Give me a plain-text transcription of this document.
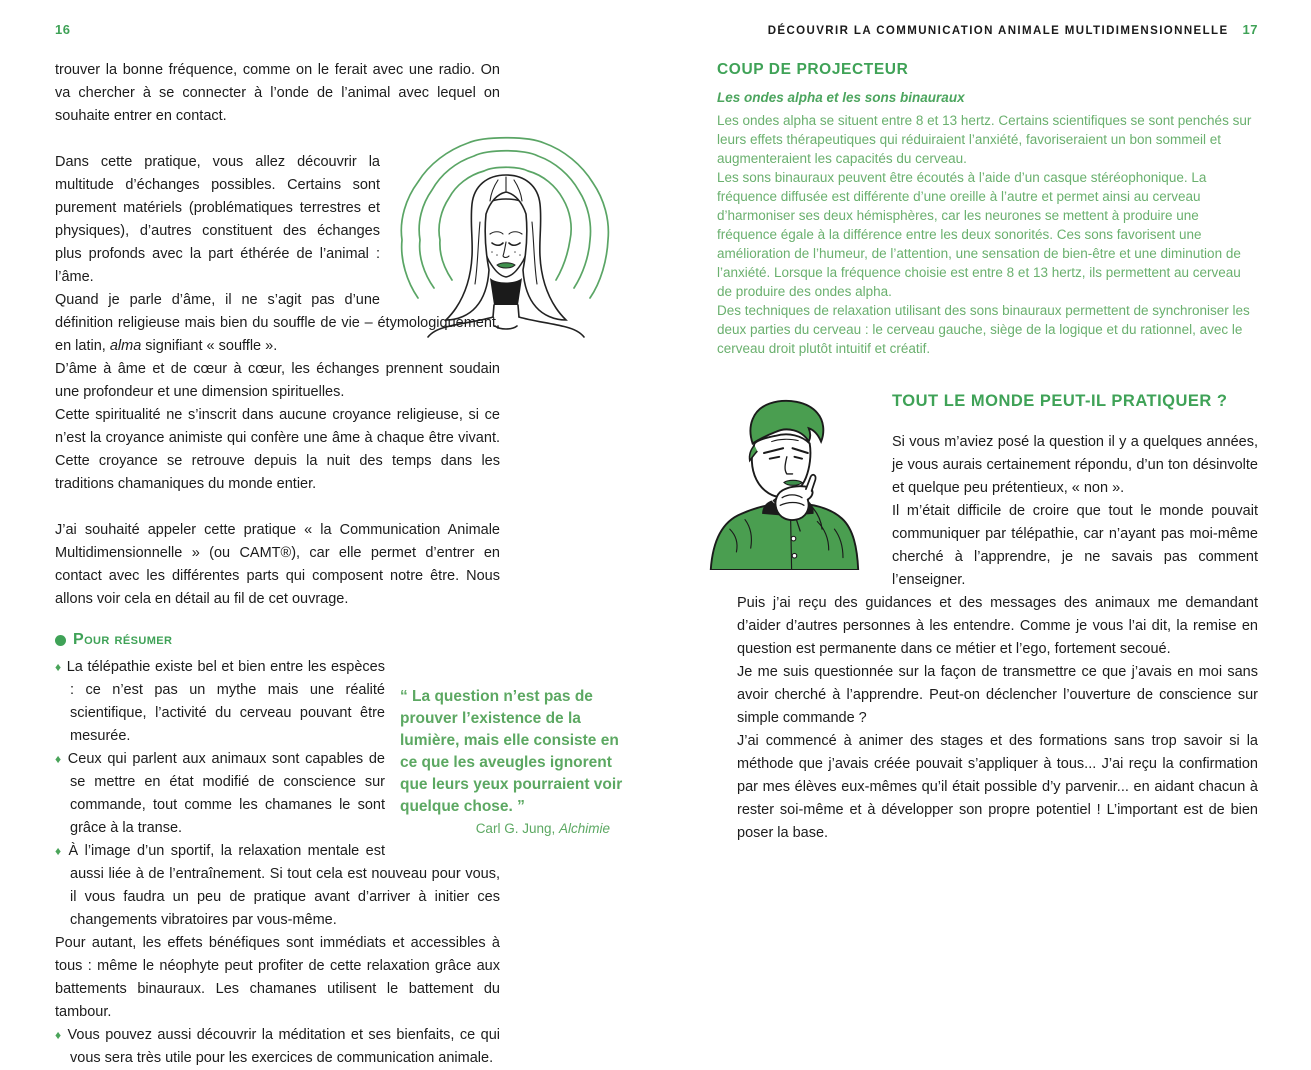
16

trouver la bonne fréquence, comme on le ferait avec une radio. On va chercher à se connecter à l’onde de l’animal avec lequel on souhaite entrer en contact.

Dans cette pratique, vous allez découvrir la multitude d’échanges possibles. Certains sont purement matériels (problématiques terrestres et physiques), d’autres constituent des échanges plus profonds avec la part éthérée de l’animal : l’âme.

Quand je parle d’âme, il ne s’agit pas d’une définition religieuse mais bien du souffle de vie – étymologiquement, en latin, alma signifiant « souffle ».

D’âme à âme et de cœur à cœur, les échanges prennent soudain une profondeur et une dimension spirituelles.

Cette spiritualité ne s’inscrit dans aucune croyance religieuse, si ce n’est la croyance animiste qui confère une âme à chaque être vivant. Cette croyance se retrouve depuis la nuit des temps dans les traditions chamaniques du monde entier.

J’ai souhaité appeler cette pratique « la Communication Animale Multidimensionnelle » (ou CAMT®), car elle permet d’entrer en contact avec les différentes parts qui composent notre être. Nous allons voir cela en détail au fil de cet ouvrage.

Pour résumer

“ La question n’est pas de prouver l’existence de la lumière, mais elle consiste en ce que les aveugles ignorent que leurs yeux pourraient voir quelque chose. ”

Carl G. Jung, Alchimie

♦ La télépathie existe bel et bien entre les espèces : ce n’est pas un mythe mais une réalité scientifique, l’activité du cerveau pouvant être mesurée.

♦ Ceux qui parlent aux animaux sont capables de se mettre en état modifié de conscience sur commande, tout comme les chamanes le sont grâce à la transe.

♦ À l’image d’un sportif, la relaxation mentale est aussi liée à de l’entraînement. Si tout cela est nouveau pour vous, il vous faudra un peu de pratique avant d’arriver à initier ces changements vibratoires par vous-même.

Pour autant, les effets bénéfiques sont immédiats et accessibles à tous : même le néophyte peut profiter de cette relaxation grâce aux battements binauraux. Les chamanes utilisent le battement du tambour.

♦ Vous pouvez aussi découvrir la méditation et ses bienfaits, ce qui vous sera très utile pour les exercices de communication animale.

DÉCOUVRIR LA COMMUNICATION ANIMALE MULTIDIMENSIONNELLE 17
COUP DE PROJECTEUR
Les ondes alpha et les sons binauraux

Les ondes alpha se situent entre 8 et 13 hertz. Certains scientifiques se sont penchés sur leurs effets thérapeutiques qui réduiraient l’anxiété, favoriseraient un bon sommeil et augmenteraient les capacités du cerveau.

Les sons binauraux peuvent être écoutés à l’aide d’un casque stéréophonique. La fréquence diffusée est différente d’une oreille à l’autre et permet ainsi au cerveau d’harmoniser ses deux hémisphères, car les neurones se mettent à produire une fréquence égale à la différence entre les deux sonorités. Ces sons favorisent une amélioration de l’humeur, de l’attention, une sensation de bien-être et une diminution de l’anxiété. Lorsque la fréquence choisie est entre 8 et 13 hertz, ils permettent au cerveau de produire des ondes alpha.

Des techniques de relaxation utilisant des sons binauraux permettent de synchroniser les deux parties du cerveau : le cerveau gauche, siège de la logique et du rationnel, avec le cerveau droit plutôt intuitif et créatif.

TOUT LE MONDE PEUT-IL PRATIQUER ?

Si vous m’aviez posé la question il y a quelques années, je vous aurais certainement répondu, d’un ton désinvolte et quelque peu prétentieux, « non ».

Il m’était difficile de croire que tout le monde pouvait communiquer par télépathie, car n’ayant pas moi-même cherché à l’apprendre, je ne savais pas comment l’enseigner.

Puis j’ai reçu des guidances et des messages des animaux me demandant d’aider d’autres personnes à les entendre. Comme je vous l’ai dit, la remise en question est permanente dans ce métier et l’ego, fortement secoué.

Je me suis questionnée sur la façon de transmettre ce que j’avais en moi sans avoir cherché à l’apprendre. Peut-on déclencher l’ouverture de conscience sur simple commande ?

J’ai commencé à animer des stages et des formations sans trop savoir si la méthode que j’avais créée pouvait s’appliquer à tous... J’ai reçu la confirmation par mes élèves eux-mêmes qu’il était possible d’y parvenir... en aidant chacun à rester soi-même et à développer son propre potentiel ! L’important est de bien poser la base.
